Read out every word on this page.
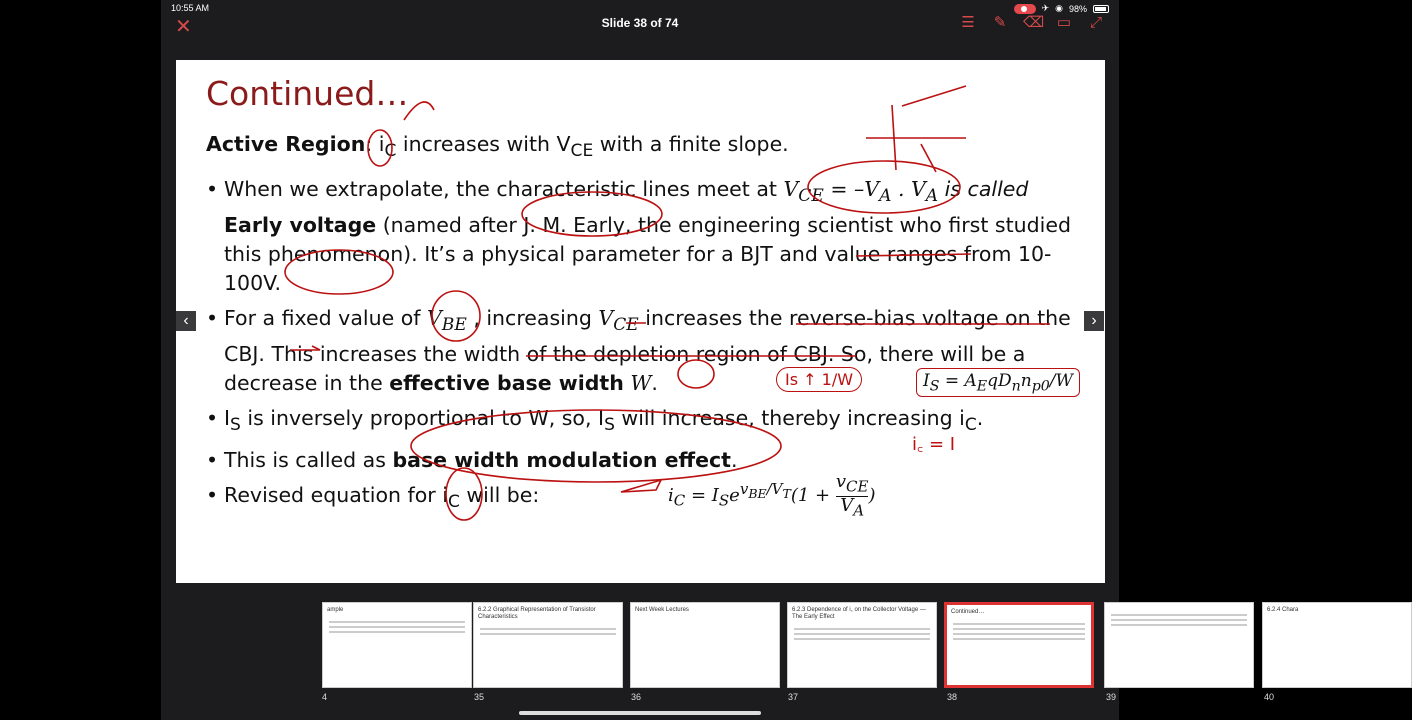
10:55 AM	✈ ◉ 98%
✕	Slide 38 of 74	☰ ✎ ⌫ ▭ ⤢
ample
4
6.2.2 Graphical Representation of Transistor Characteristics
35
Next Week Lectures
36
6.2.3 Dependence of i꜀ on the Collector Voltage — The Early Effect
37
Continued…
38	39
6.2.4 Chara
40
Continued…
Active Region: $i_C$ increases with $V_{CE}$ with a finite slope.
• When we extrapolate, the characteristic lines meet at $V_{CE} = -V_A$ . $V_A$ is called Early voltage (named after J. M. Early, the engineering scientist who first studied this phenomenon). It’s a physical parameter for a BJT and value ranges from 10-100V.
• For a fixed value of $V_{BE}$ , increasing $V_{CE}$ increases the reverse-bias voltage on the CBJ. This increases the width of the depletion region of CBJ. So, there will be a decrease in the effective base width W.
• $I_S$ is inversely proportional to W, so, $I_S$ will increase, thereby increasing $i_C$.
• This is called as base width modulation effect.
• Revised equation for $i_C$ will be:
$I_S = A_EqD_nn_{p0}/W$
$i_C = I_Se^{v_{BE}/V_T}(1$ +
$v_{CE}$
$V_A$
)
Is ↑ 1/W
i꜀ = I
‹	›
